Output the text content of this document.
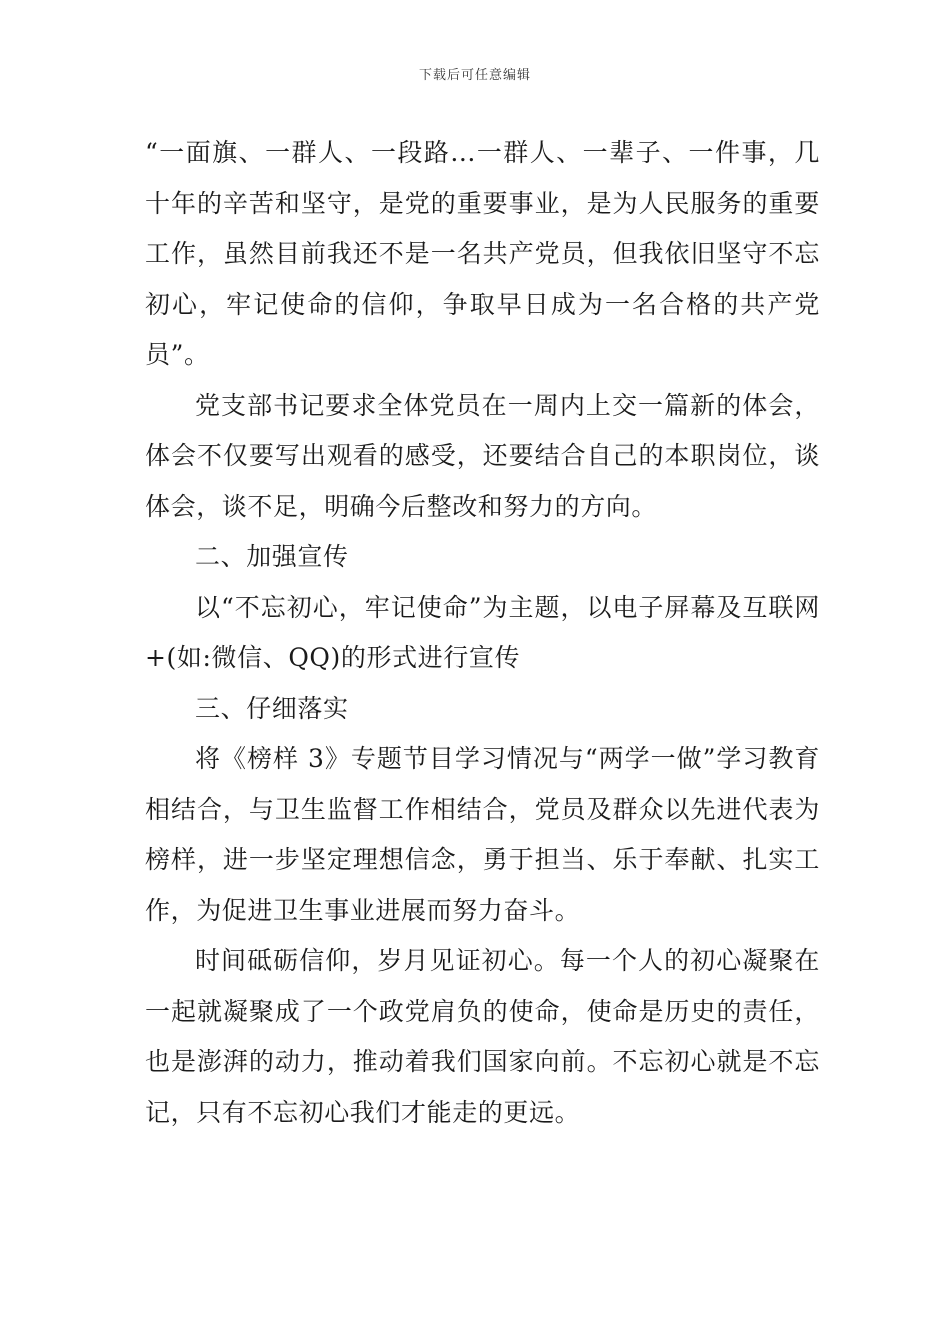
下载后可任意编辑

“一面旗、一群人、一段路...一群人、一辈子、一件事，几十年的辛苦和坚守，是党的重要事业，是为人民服务的重要工作，虽然目前我还不是一名共产党员，但我依旧坚守不忘初心，牢记使命的信仰，争取早日成为一名合格的共产党员”。

党支部书记要求全体党员在一周内上交一篇新的体会，体会不仅要写出观看的感受，还要结合自己的本职岗位，谈体会，谈不足，明确今后整改和努力的方向。

二、加强宣传

以“不忘初心，牢记使命”为主题，以电子屏幕及互联网+(如:微信、QQ)的形式进行宣传

三、仔细落实

将《榜样 3》专题节目学习情况与“两学一做”学习教育相结合，与卫生监督工作相结合，党员及群众以先进代表为榜样，进一步坚定理想信念，勇于担当、乐于奉献、扎实工作，为促进卫生事业进展而努力奋斗。

时间砥砺信仰，岁月见证初心。每一个人的初心凝聚在一起就凝聚成了一个政党肩负的使命，使命是历史的责任，也是澎湃的动力，推动着我们国家向前。不忘初心就是不忘记，只有不忘初心我们才能走的更远。
